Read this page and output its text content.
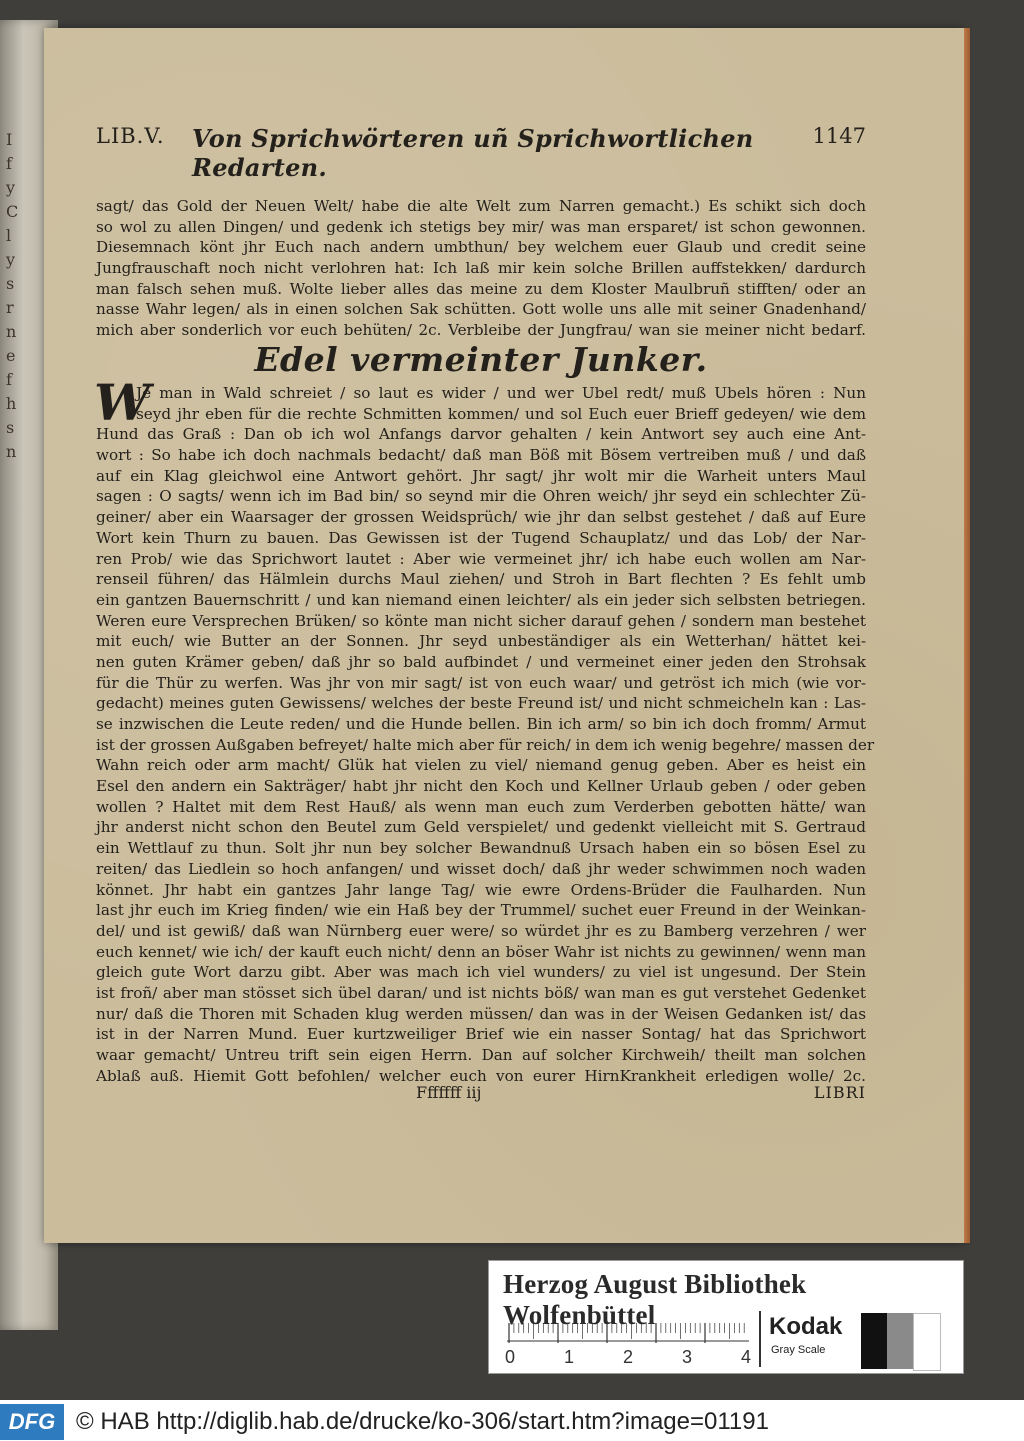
I
f
y
C
l
y
s
r
n
e
f
h
s
n
LIB.V. Von Sprichwörteren uñ Sprichwortlichen Redarten.
1147
sagt/ das Gold der Neuen Welt/ habe die alte Welt zum Narren gemacht.) Es schikt sich doch
so wol zu allen Dingen/ und gedenk ich stetigs bey mir/ was man ersparet/ ist schon gewonnen.
Diesemnach könt jhr Euch nach andern umbthun/ bey welchem euer Glaub und credit seine
Jungfrauschaft noch nicht verlohren hat: Ich laß mir kein solche Brillen auffstekken/ dardurch
man falsch sehen muß. Wolte lieber alles das meine zu dem Kloster Maulbruñ stifften/ oder an
nasse Wahr legen/ als in einen solchen Sak schütten. Gott wolle uns alle mit seiner Gnadenhand/
mich aber sonderlich vor euch behüten/ 2c. Verbleibe der Jungfrau/ wan sie meiner nicht bedarf.
Edel vermeinter Junker.
W
Je man in Wald schreiet / so laut es wider / und wer Ubel redt/ muß Ubels hören : Nun
seyd jhr eben für die rechte Schmitten kommen/ und sol Euch euer Brieff gedeyen/ wie dem
Hund das Graß : Dan ob ich wol Anfangs darvor gehalten / kein Antwort sey auch eine Ant-
wort : So habe ich doch nachmals bedacht/ daß man Böß mit Bösem vertreiben muß / und daß
auf ein Klag gleichwol eine Antwort gehört. Jhr sagt/ jhr wolt mir die Warheit unters Maul
sagen : O sagts/ wenn ich im Bad bin/ so seynd mir die Ohren weich/ jhr seyd ein schlechter Zü-
geiner/ aber ein Waarsager der grossen Weidsprüch/ wie jhr dan selbst gestehet / daß auf Eure
Wort kein Thurn zu bauen. Das Gewissen ist der Tugend Schauplatz/ und das Lob/ der Nar-
ren Prob/ wie das Sprichwort lautet : Aber wie vermeinet jhr/ ich habe euch wollen am Nar-
renseil führen/ das Hälmlein durchs Maul ziehen/ und Stroh in Bart flechten ? Es fehlt umb
ein gantzen Bauernschritt / und kan niemand einen leichter/ als ein jeder sich selbsten betriegen.
Weren eure Versprechen Brüken/ so könte man nicht sicher darauf gehen / sondern man bestehet
mit euch/ wie Butter an der Sonnen. Jhr seyd unbeständiger als ein Wetterhan/ hättet kei-
nen guten Krämer geben/ daß jhr so bald aufbindet / und vermeinet einer jeden den Strohsak
für die Thür zu werfen. Was jhr von mir sagt/ ist von euch waar/ und getröst ich mich (wie vor-
gedacht) meines guten Gewissens/ welches der beste Freund ist/ und nicht schmeicheln kan : Las-
se inzwischen die Leute reden/ und die Hunde bellen. Bin ich arm/ so bin ich doch fromm/ Armut
ist der grossen Außgaben befreyet/ halte mich aber für reich/ in dem ich wenig begehre/ massen der
Wahn reich oder arm macht/ Glük hat vielen zu viel/ niemand genug geben. Aber es heist ein
Esel den andern ein Sakträger/ habt jhr nicht den Koch und Kellner Urlaub geben / oder geben
wollen ? Haltet mit dem Rest Hauß/ als wenn man euch zum Verderben gebotten hätte/ wan
jhr anderst nicht schon den Beutel zum Geld verspielet/ und gedenkt vielleicht mit S. Gertraud
ein Wettlauf zu thun. Solt jhr nun bey solcher Bewandnuß Ursach haben ein so bösen Esel zu
reiten/ das Liedlein so hoch anfangen/ und wisset doch/ daß jhr weder schwimmen noch waden
könnet. Jhr habt ein gantzes Jahr lange Tag/ wie ewre Ordens-Brüder die Faulharden. Nun
last jhr euch im Krieg finden/ wie ein Haß bey der Trummel/ suchet euer Freund in der Weinkan-
del/ und ist gewiß/ daß wan Nürnberg euer were/ so würdet jhr es zu Bamberg verzehren / wer
euch kennet/ wie ich/ der kauft euch nicht/ denn an böser Wahr ist nichts zu gewinnen/ wenn man
gleich gute Wort darzu gibt. Aber was mach ich viel wunders/ zu viel ist ungesund. Der Stein
ist froñ/ aber man stösset sich übel daran/ und ist nichts böß/ wan man es gut verstehet Gedenket
nur/ daß die Thoren mit Schaden klug werden müssen/ dan was in der Weisen Gedanken ist/ das
ist in der Narren Mund. Euer kurtzweiliger Brief wie ein nasser Sontag/ hat das Sprichwort
waar gemacht/ Untreu trift sein eigen Herrn. Dan auf solcher Kirchweih/ theilt man solchen
Ablaß auß. Hiemit Gott befohlen/ welcher euch von eurer HirnKrankheit erledigen wolle/ 2c.
Fffffff iij	LIBRI
Herzog August Bibliothek Wolfenbüttel
0	1	2	3	4
Kodak
Gray Scale
DFG © HAB http://diglib.hab.de/drucke/ko-306/start.htm?image=01191
